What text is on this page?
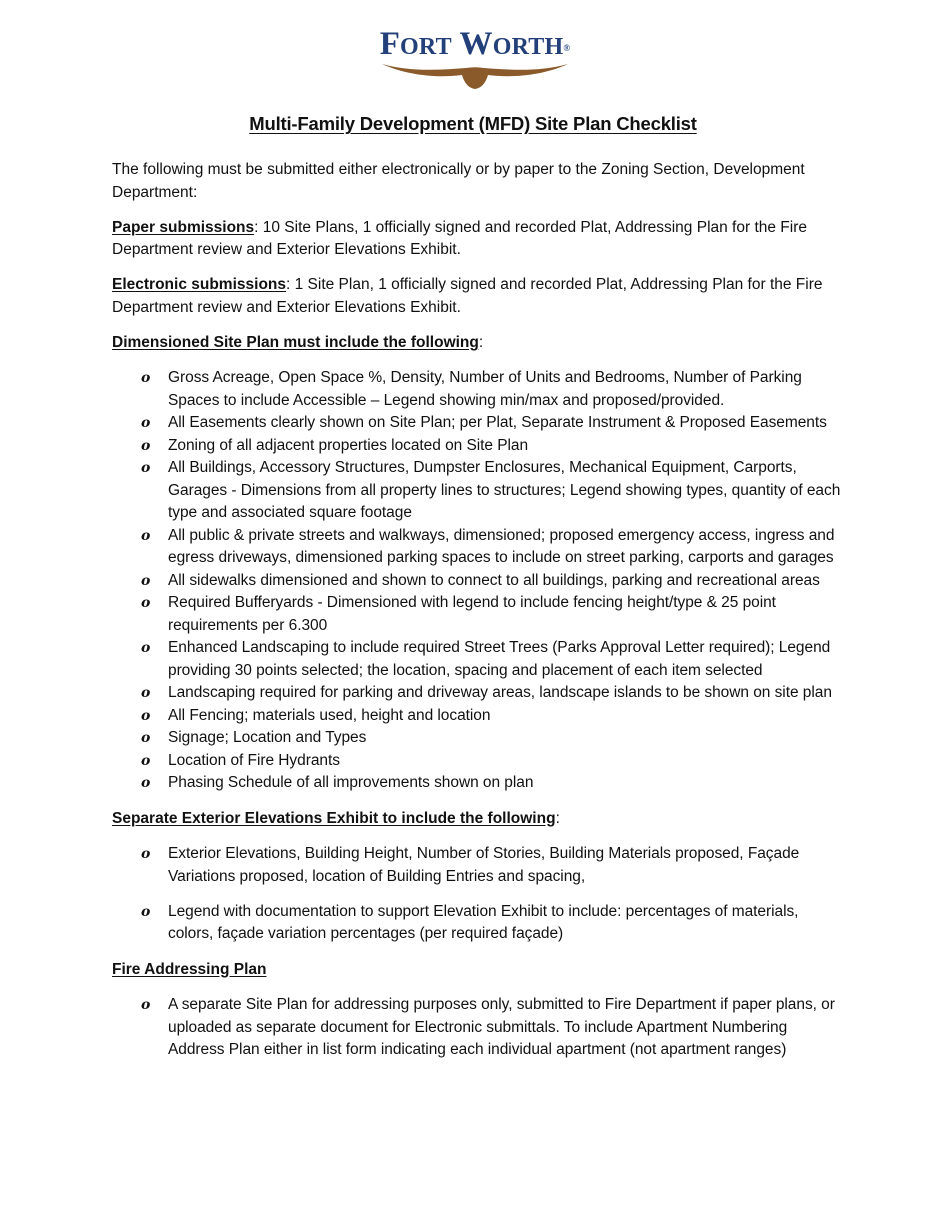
FORT WORTH®
Multi-Family Development (MFD) Site Plan Checklist

The following must be submitted either electronically or by paper to the Zoning Section, Development Department:

Paper submissions: 10 Site Plans, 1 officially signed and recorded Plat, Addressing Plan for the Fire Department review and Exterior Elevations Exhibit.

Electronic submissions: 1 Site Plan, 1 officially signed and recorded Plat, Addressing Plan for the Fire Department review and Exterior Elevations Exhibit.

Dimensioned Site Plan must include the following:

o	Gross Acreage, Open Space %, Density, Number of Units and Bedrooms, Number of Parking Spaces to include Accessible – Legend showing min/max and proposed/provided.
o	All Easements clearly shown on Site Plan; per Plat, Separate Instrument & Proposed Easements
o	Zoning of all adjacent properties located on Site Plan
o	All Buildings, Accessory Structures, Dumpster Enclosures, Mechanical Equipment, Carports, Garages - Dimensions from all property lines to structures; Legend showing types, quantity of each type and associated square footage
o	All public & private streets and walkways, dimensioned; proposed emergency access, ingress and egress driveways, dimensioned parking spaces to include on street parking, carports and garages
o	All sidewalks dimensioned and shown to connect to all buildings, parking and recreational areas
o	Required Bufferyards - Dimensioned with legend to include fencing height/type & 25 point requirements per 6.300
o	Enhanced Landscaping to include required Street Trees (Parks Approval Letter required); Legend providing 30 points selected; the location, spacing and placement of each item selected
o	Landscaping required for parking and driveway areas, landscape islands to be shown on site plan
o	All Fencing; materials used, height and location
o	Signage; Location and Types
o	Location of Fire Hydrants
o	Phasing Schedule of all improvements shown on plan

Separate Exterior Elevations Exhibit to include the following:

o	Exterior Elevations, Building Height, Number of Stories, Building Materials proposed, Façade Variations proposed, location of Building Entries and spacing,
o	Legend with documentation to support Elevation Exhibit to include: percentages of materials, colors, façade variation percentages (per required façade)

Fire Addressing Plan

o	A separate Site Plan for addressing purposes only, submitted to Fire Department if paper plans, or uploaded as separate document for Electronic submittals. To include Apartment Numbering Address Plan either in list form indicating each individual apartment (not apartment ranges)
